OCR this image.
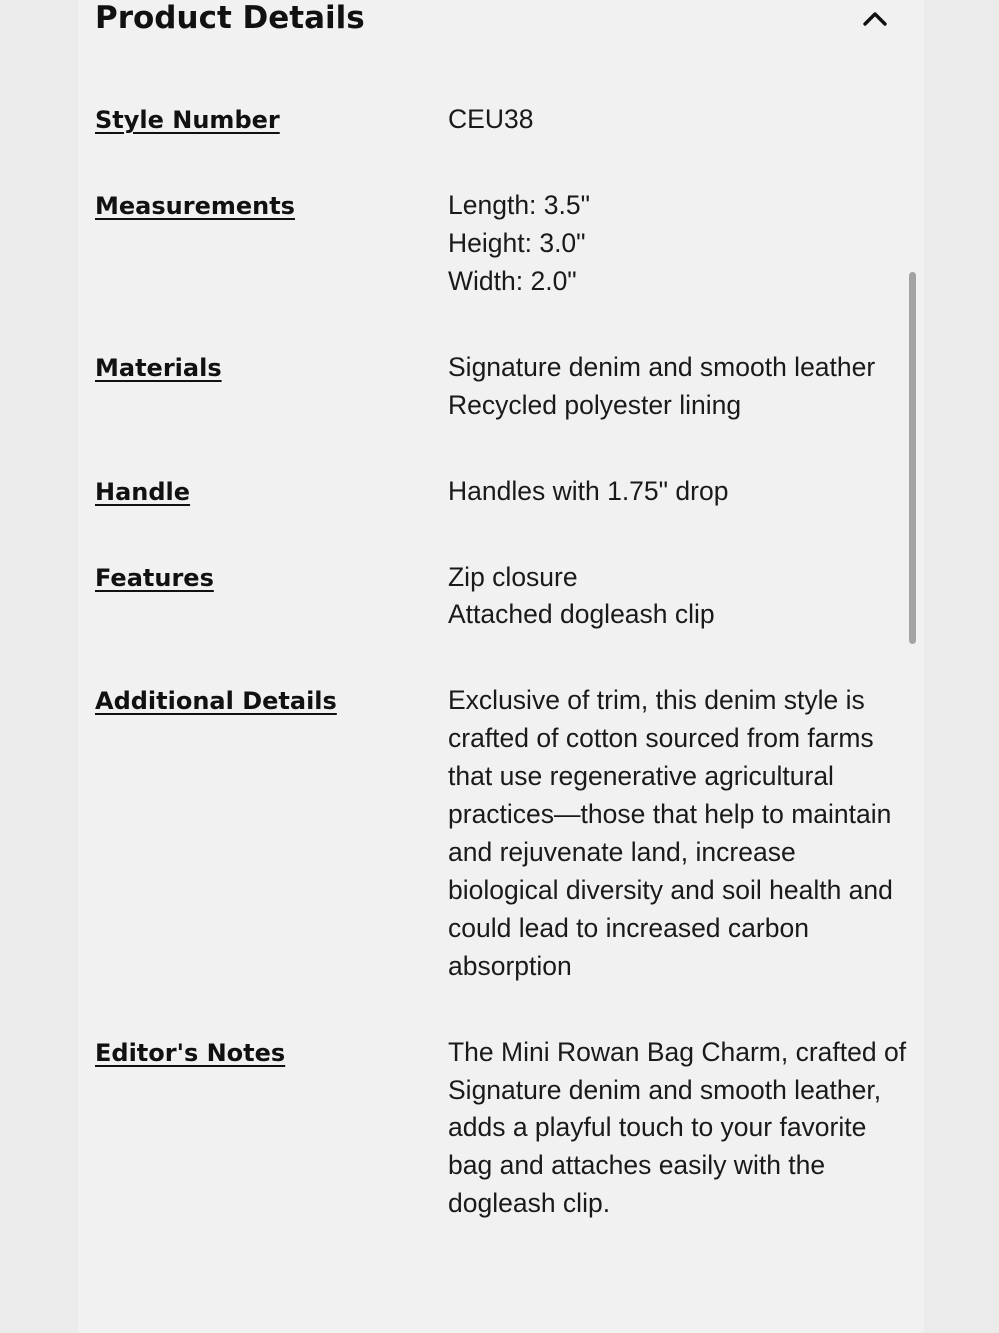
Product Details
Style Number	CEU38
Measurements	Length: 3.5"
Height: 3.0"
Width: 2.0"
Materials	Signature denim and smooth leather
Recycled polyester lining
Handle	Handles with 1.75" drop
Features	Zip closure
Attached dogleash clip
Additional Details	Exclusive of trim, this denim style is crafted of cotton sourced from farms that use regenerative agricultural practices—those that help to maintain and rejuvenate land, increase
biological diversity and soil health and could lead to increased carbon absorption
Editor's Notes	The Mini Rowan Bag Charm, crafted of Signature denim and smooth leather, adds a playful touch to your favorite bag and attaches easily with the dogleash clip.
